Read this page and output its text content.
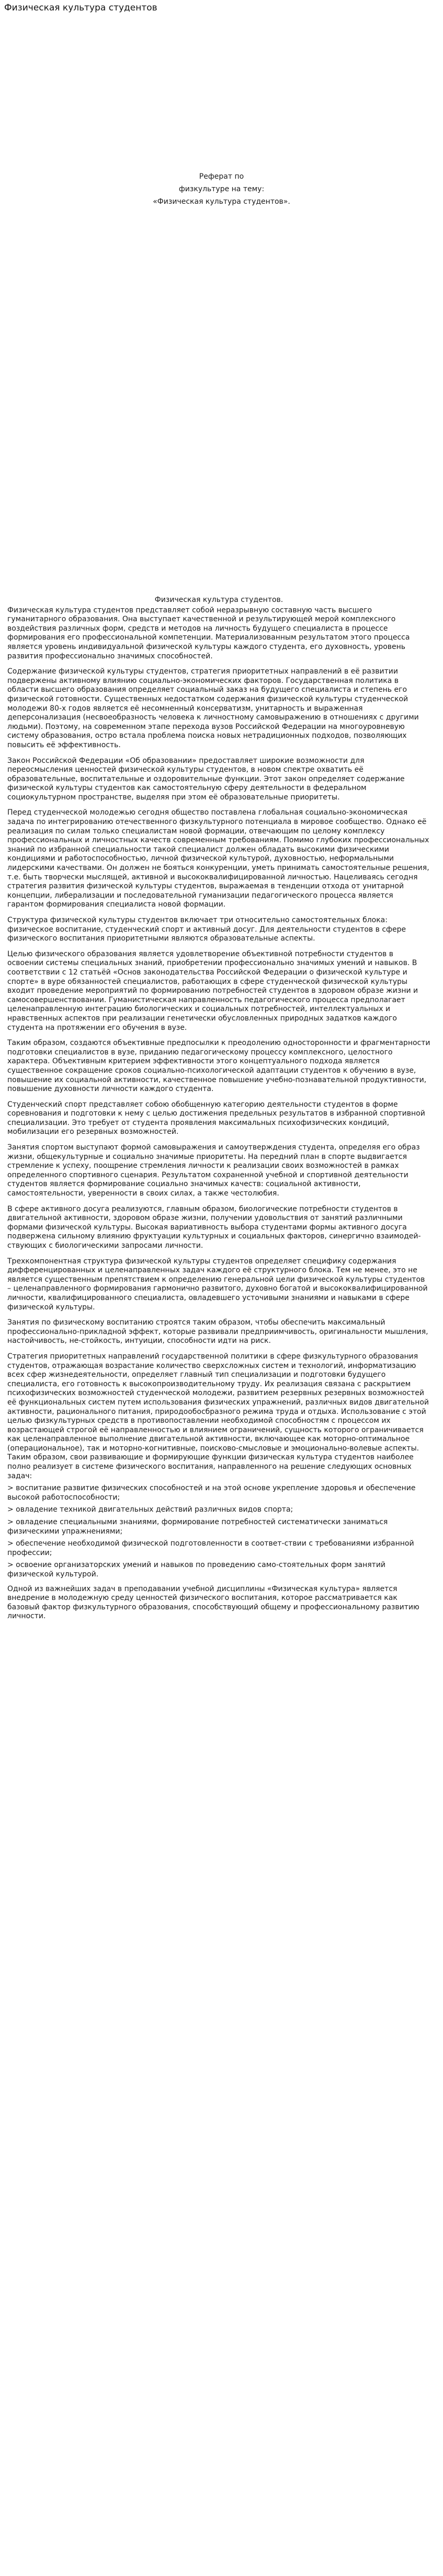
Физическая культура студентов
Реферат по
физкультуре на тему:
«Физическая культура студентов».
Физическая культура студентов.

Физическая культура студентов представляет собой неразрывную составную часть высшего гуманитарного образования. Она выступает качественной и результирующей мерой комплексного воздействия различных форм, средств и методов на личность будущего специалиста в процессе формирования его профессиональной компетенции. Материализованным результатом этого процесса является уровень индивидуальной физической культуры каждого студента, его духовность, уровень развития профессионально значимых способностей.

Содержание физической культуры студентов, стратегия приоритетных направлений в её развитии подвержены активному влиянию социально-экономических факторов. Государственная политика в области высшего образования определяет социальный заказ на будущего специалиста и степень его физической готовности. Существенных недостатком содержания физической культуры студенческой молодежи 80-х годов является её несомненный консерватизм, унитарность и выраженная деперсонализация (несвоеобразность человека к личностному самовыражению в отношениях с другими людьми). Поэтому, на современном этапе перехода вузов Российской Федерации на многоуровневую систему образования, остро встала проблема поиска новых нетрадиционных подходов, позволяющих повысить её эффективность.

Закон Российской Федерации «Об образовании» предоставляет широкие возможности для переосмысления ценностей физической культуры студентов, в новом спектре охватить её образовательные, воспитательные и оздоровительные функции. Этот закон определяет содержание физической культуры студентов как самостоятельную сферу деятельности в федеральном социокультурном пространстве, выделяя при этом её образовательные приоритеты.

Перед студенческой молодежью сегодня общество поставлена глобальная социально-экономическая задача по интегрированию отечественного физкультурного потенциала в мировое сообщество. Однако её реализация по силам только специалистам новой формации, отвечающим по целому комплексу профессиональных и личностных качеств современным требованиям. Помимо глубоких профессиональных знаний по избранной специальности такой специалист должен обладать высокими физическими кондициями и работоспособностью, личной физической культурой, духовностью, неформальными лидерскими качествами. Он должен не бояться конкуренции, уметь принимать самостоятельные решения, т.е. быть творчески мыслящей, активной и высококвалифицированной личностью. Нацеливаясь сегодня стратегия развития физической культуры студентов, выражаемая в тенденции отхода от унитарной концепции, либерализации и последовательной гуманизации педагогического процесса является гарантом формирования специалиста новой формации.

Структура физической культуры студентов включает три относительно самостоятельных блока: физическое воспитание, студенческий спорт и активный досуг. Для деятельности студентов в сфере физического воспитания приоритетными являются образовательные аспекты.

Целью физического образования является удовлетворение объективной потребности студентов в освоении системы специальных знаний, приобретении профессионально значимых умений и навыков. В соответствии с 12 статьёй «Основ законодательства Российской Федерации о физической культуре и спорте» в вуре обязанностей специалистов, работающих в сфере студенческой физической культуры входит проведение мероприятий по формированию потребностей студентов в здоровом образе жизни и самосовершенствовании. Гуманистическая направленность педагогического процесса предполагает целенаправленную интеграцию биологических и социальных потребностей, интеллектуальных и нравственных аспектов при реализации генетически обусловленных природных задатков каждого студента на протяжении его обучения в вузе.

Таким образом, создаются объективные предпосылки к преодолению односторонности и фрагментарности подготовки специалистов в вузе, приданию педагогическому процессу комплексного, целостного характера. Объективным критерием эффективности этого концептуального подхода является существенное сокращение сроков социально-психологической адаптации студентов к обучению в вузе, повышение их социальной активности, качественное повышение учебно-познавательной продуктивности, повышение духовности личности каждого студента.

Студенческий спорт представляет собою обобщенную категорию деятельности студентов в форме соревнования и подготовки к нему с целью достижения предельных результатов в избранной спортивной специализации. Это требует от студента проявления максимальных психофизических кондиций, мобилизации его резервных возможностей.

Занятия спортом выступают формой самовыражения и самоутверждения студента, определяя его образ жизни, общекультурные и социально значимые приоритеты. На передний план в спорте выдвигается стремление к успеху, поощрение стремления личности к реализации своих возможностей в рамках определенного спортивного сценария. Результатом сохраненной учебной и спортивной деятельности студентов является формирование социально значимых качеств: социальной активности, самостоятельности, уверенности в своих силах, а также честолюбия.

В сфере активного досуга реализуются, главным образом, биологические потребности студентов в двигательной активности, здоровом образе жизни, получении удовольствия от занятий различными формами физической культуры. Высокая вариативность выбора студентами формы активного досуга подвержена сильному влиянию фруктуации культурных и социальных факторов, синергично взаимодей-ствующих с биологическими запросами личности.

Трехкомпонентная структура физической культуры студентов определяет специфику содержания дифференцированных и целенаправленных задач каждого её структурного блока. Тем не менее, это не является существенным препятствием к определению генеральной цели физической культуры студентов – целенаправленного формирования гармонично развитого, духовно богатой и высококвалифицированной личности, квалифицированного специалиста, овладевшего усточивыми знаниями и навыками в сфере физической культуры.

Занятия по физическому воспитанию строятся таким образом, чтобы обеспечить максимальный профессионально-прикладной эффект, которые развивали предприимчивость, оригинальности мышления, настойчивость, не-стойкость, интуиции, способности идти на риск.

Стратегия приоритетных направлений государственной политики в сфере физкультурного образования студентов, отражающая возрастание количество сверхсложных систем и технологий, информатизацию всех сфер жизнедеятельности, определяет главный тип специализации и подготовки будущего специалиста, его готовность к высокопроизводительному труду. Их реализация связана с раскрытием психофизических возможностей студенческой молодежи, развитием резервных резервных возможностей её функциональных систем путем использования физических упражнений, различных видов двигательной активности, рационального питания, природообосбразного режима труда и отдыха. Использование с этой целью физкультурных средств в противопоставлении необходимой способностям с процессом их возрастающей строгой её направленностью и влиянием ограничений, сущность которого ограничивается как целенаправленное выполнение двигательной активности, включающее как моторно-оптимальное (операциональное), так и моторно-когнитивные, поисково-смысловые и эмоционально-волевые аспекты. Таким образом, свои развивающие и формирующие функции физическая культура студентов наиболее полно реализует в системе физического воспитания, направленного на решение следующих основных задач:

> воспитание развитие физических способностей и на этой основе укрепление здоровья и обеспечение высокой работоспособности;
> овладение техникой двигательных действий различных видов спорта;
> овладение специальными знаниями, формирование потребностей систематически заниматься физическими упражнениями;
> обеспечение необходимой физической подготовленности в соответ-ствии с требованиями избранной профессии;
> освоение организаторских умений и навыков по проведению само-стоятельных форм занятий физической культурой.

Одной из важнейших задач в преподавании учебной дисциплины «Физическая культура» является внедрение в молодежную среду ценностей физического воспитания, которое рассматривается как базовый фактор физкультурного образования, способствующий общему и профессиональному развитию личности.
